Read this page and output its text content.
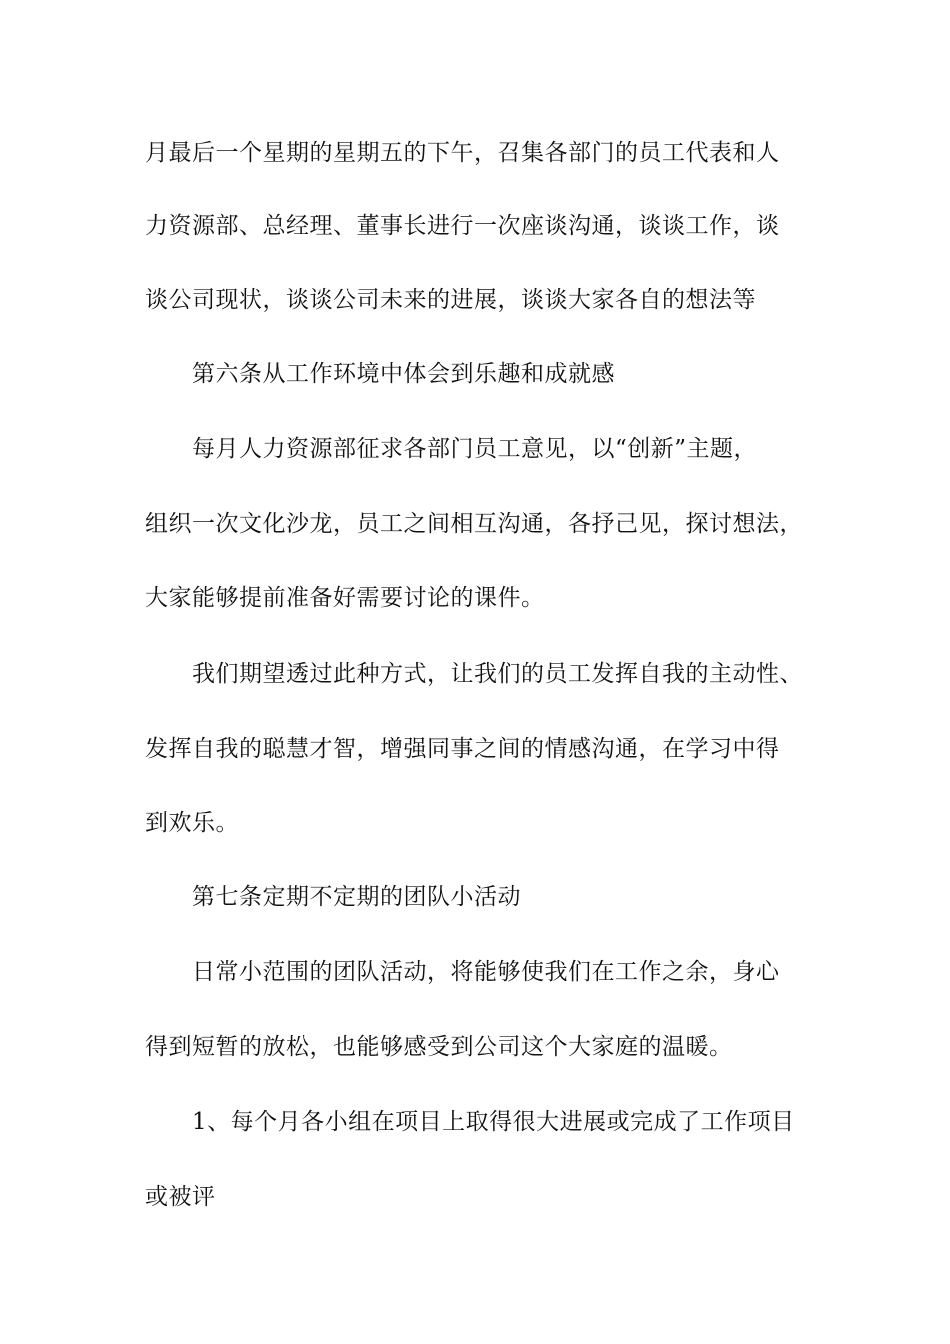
月最后一个星期的星期五的下午，召集各部门的员工代表和人
力资源部、总经理、董事长进行一次座谈沟通，谈谈工作，谈
谈公司现状，谈谈公司未来的进展，谈谈大家各自的想法等
第六条从工作环境中体会到乐趣和成就感
每月人力资源部征求各部门员工意见，以“创新”主题，
组织一次文化沙龙，员工之间相互沟通，各抒己见，探讨想法，
大家能够提前准备好需要讨论的课件。
我们期望透过此种方式，让我们的员工发挥自我的主动性、
发挥自我的聪慧才智，增强同事之间的情感沟通，在学习中得
到欢乐。
第七条定期不定期的团队小活动
日常小范围的团队活动，将能够使我们在工作之余，身心
得到短暂的放松，也能够感受到公司这个大家庭的温暖。
1、每个月各小组在项目上取得很大进展或完成了工作项目
或被评
